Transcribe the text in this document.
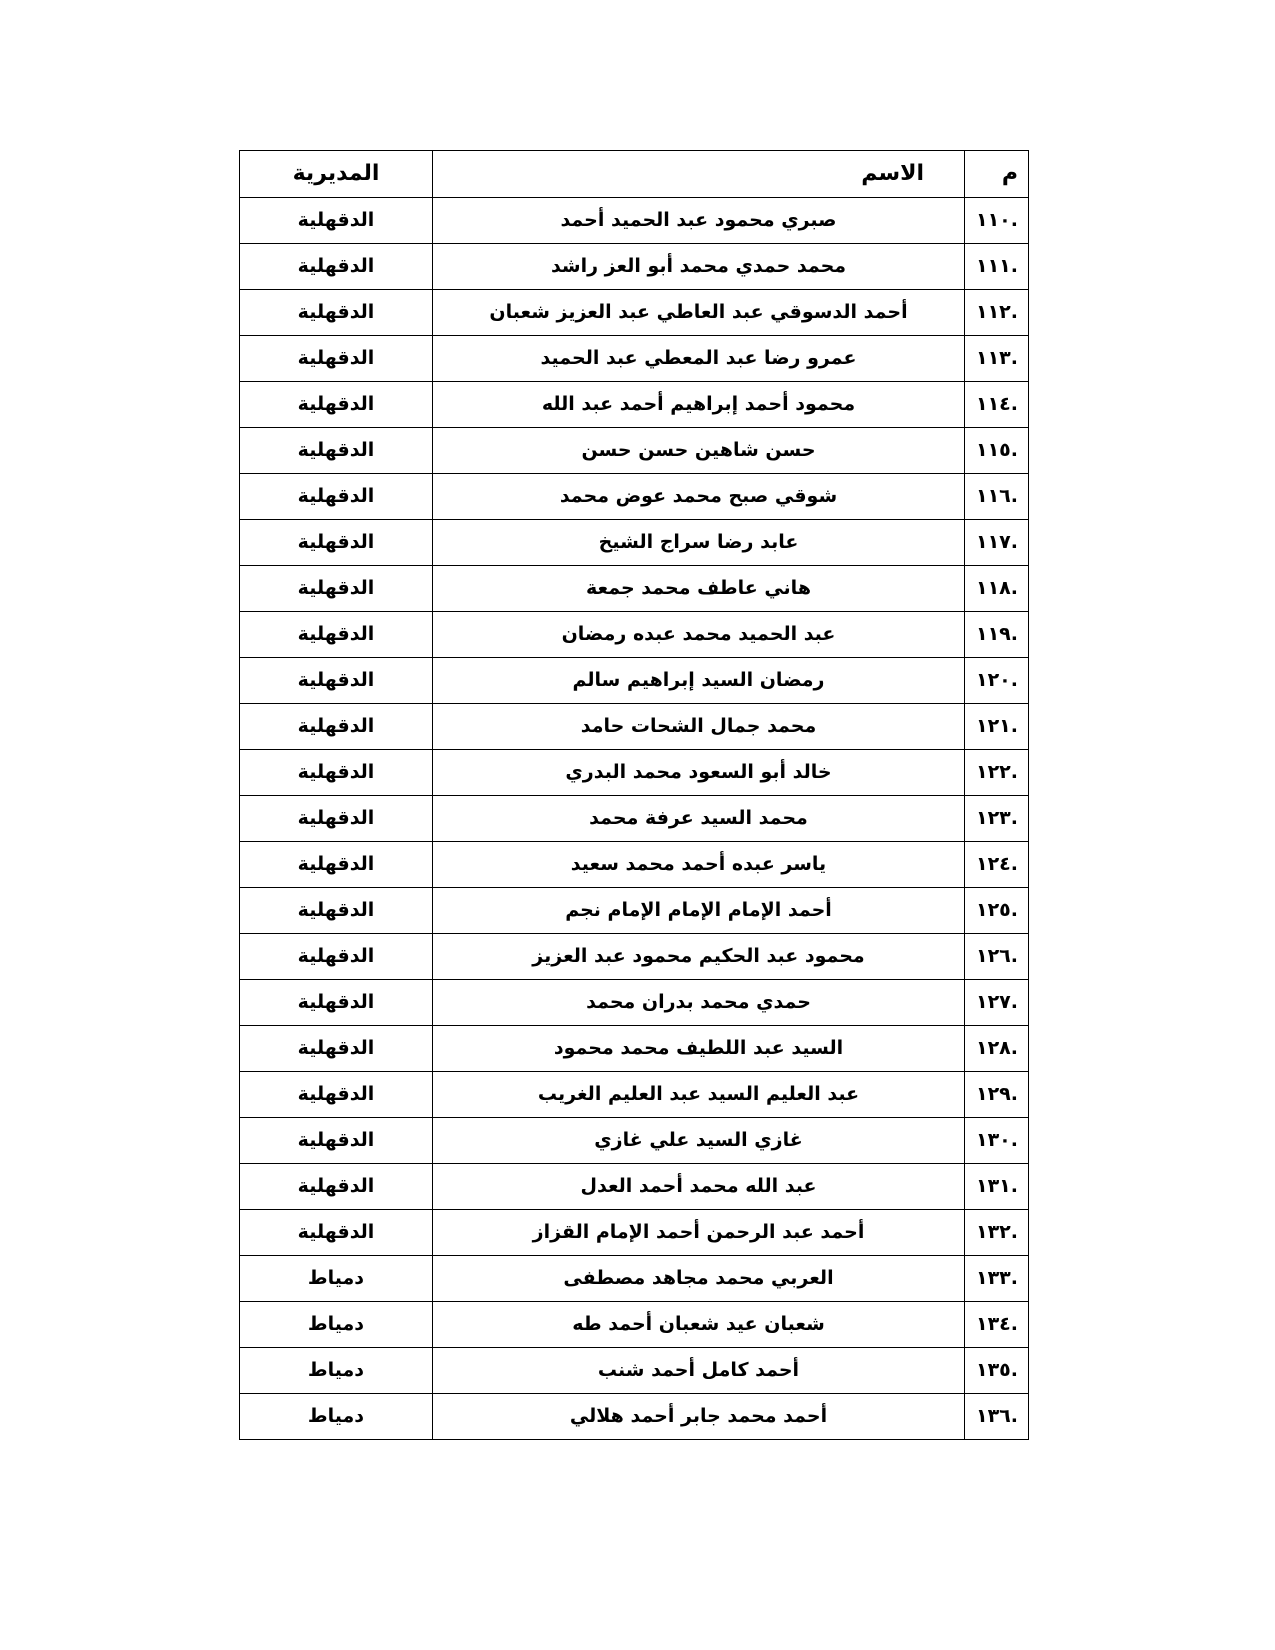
م	الاسم	المديرية
.١١٠	صبري محمود عبد الحميد أحمد	الدقهلية
.١١١	محمد حمدي محمد أبو العز راشد	الدقهلية
.١١٢	أحمد الدسوقي عبد العاطي عبد العزيز شعبان	الدقهلية
.١١٣	عمرو رضا عبد المعطي عبد الحميد	الدقهلية
.١١٤	محمود أحمد إبراهيم أحمد عبد الله	الدقهلية
.١١٥	حسن شاهين حسن حسن	الدقهلية
.١١٦	شوقي صبح محمد عوض محمد	الدقهلية
.١١٧	عابد رضا سراج الشيخ	الدقهلية
.١١٨	هاني عاطف محمد جمعة	الدقهلية
.١١٩	عبد الحميد محمد عبده رمضان	الدقهلية
.١٢٠	رمضان السيد إبراهيم سالم	الدقهلية
.١٢١	محمد جمال الشحات حامد	الدقهلية
.١٢٢	خالد أبو السعود محمد البدري	الدقهلية
.١٢٣	محمد السيد عرفة محمد	الدقهلية
.١٢٤	ياسر عبده أحمد محمد سعيد	الدقهلية
.١٢٥	أحمد الإمام الإمام الإمام نجم	الدقهلية
.١٢٦	محمود عبد الحكيم محمود عبد العزيز	الدقهلية
.١٢٧	حمدي محمد بدران محمد	الدقهلية
.١٢٨	السيد عبد اللطيف محمد محمود	الدقهلية
.١٢٩	عبد العليم السيد عبد العليم الغريب	الدقهلية
.١٣٠	غازي السيد علي غازي	الدقهلية
.١٣١	عبد الله محمد أحمد العدل	الدقهلية
.١٣٢	أحمد عبد الرحمن أحمد الإمام القزاز	الدقهلية
.١٣٣	العربي محمد مجاهد مصطفى	دمياط
.١٣٤	شعبان عيد شعبان أحمد طه	دمياط
.١٣٥	أحمد كامل أحمد شنب	دمياط
.١٣٦	أحمد محمد جابر أحمد هلالي	دمياط
